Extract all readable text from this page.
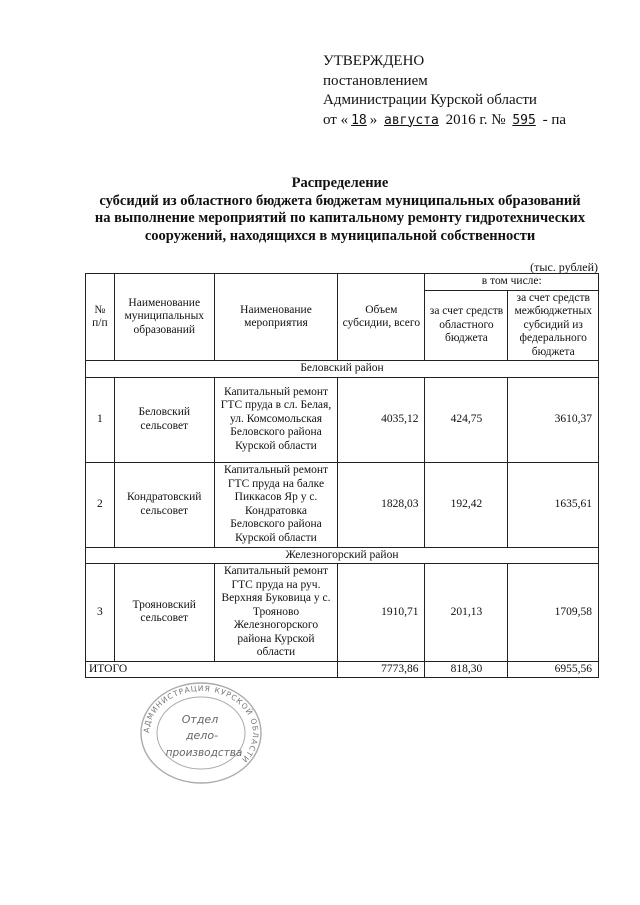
УТВЕРЖДЕНО
постановлением
Администрации Курской области
от « 18 » августа 2016 г. № 595 - па
Распределение
субсидий из областного бюджета бюджетам муниципальных образований
на выполнение мероприятий по капитальному ремонту гидротехнических
сооружений, находящихся в муниципальной собственности
(тыс. рублей)
№ п/п	Наименование муниципальных образований	Наименование мероприятия	Объем субсидии, всего	в том числе:	
				за счет средств областного бюджета	за счет средств межбюджетных субсидий из федерального бюджета
Беловский район					
1	Беловский сельсовет	Капитальный ремонт ГТС пруда в сл. Белая, ул. Комсомольская Беловского района Курской области	4035,12	424,75	3610,37
2	Кондратовский сельсовет	Капитальный ремонт ГТС пруда на балке Пиккасов Яр у с. Кондратовка Беловского района Курской области	1828,03	192,42	1635,61
Железногорский район					
3	Трояновский сельсовет	Капитальный ремонт ГТС пруда на руч. Верхняя Буковица у с. Трояново Железногорского района Курской области	1910,71	201,13	1709,58
ИТОГО			7773,86	818,30	6955,56
АДМИНИСТРАЦИЯ КУРСКОЙ ОБЛАСТИ
Отдел
дело-
производства
